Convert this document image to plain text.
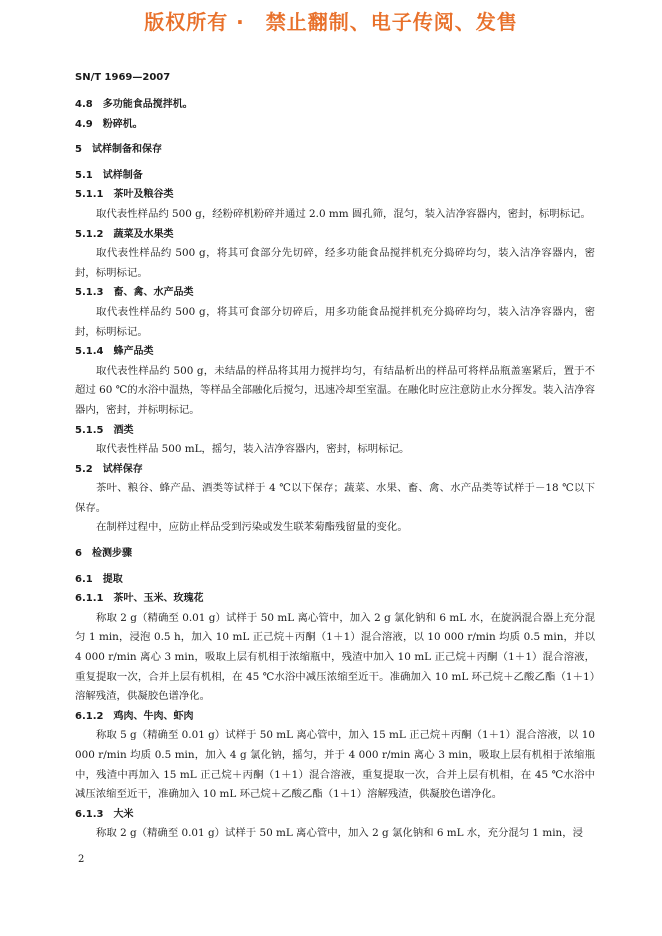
版权所有 ·　禁止翻制、电子传阅、发售
SN/T 1969—2007
4.8　多功能食品搅拌机。
4.9　粉碎机。
5　试样制备和保存
5.1　试样制备
5.1.1　茶叶及粮谷类
取代表性样品约 500 g，经粉碎机粉碎并通过 2.0 mm 圆孔筛，混匀，装入洁净容器内，密封，标明标记。
5.1.2　蔬菜及水果类
取代表性样品约 500 g，将其可食部分先切碎，经多功能食品搅拌机充分捣碎均匀，装入洁净容器内，密封，标明标记。
5.1.3　畜、禽、水产品类
取代表性样品约 500 g，将其可食部分切碎后，用多功能食品搅拌机充分捣碎均匀，装入洁净容器内，密封，标明标记。
5.1.4　蜂产品类
取代表性样品约 500 g，未结晶的样品将其用力搅拌均匀，有结晶析出的样品可将样品瓶盖塞紧后，置于不超过 60 ℃的水浴中温热，等样品全部融化后搅匀，迅速冷却至室温。在融化时应注意防止水分挥发。装入洁净容器内，密封，并标明标记。
5.1.5　酒类
取代表性样品 500 mL，摇匀，装入洁净容器内，密封，标明标记。
5.2　试样保存
茶叶、粮谷、蜂产品、酒类等试样于 4 ℃以下保存；蔬菜、水果、畜、禽、水产品类等试样于－18 ℃以下保存。
在制样过程中，应防止样品受到污染或发生联苯菊酯残留量的变化。
6　检测步骤
6.1　提取
6.1.1　茶叶、玉米、玫瑰花
称取 2 g（精确至 0.01 g）试样于 50 mL 离心管中，加入 2 g 氯化钠和 6 mL 水，在旋涡混合器上充分混匀 1 min，浸泡 0.5 h，加入 10 mL 正己烷＋丙酮（1＋1）混合溶液，以 10 000 r/min 均质 0.5 min，并以 4 000 r/min 离心 3 min，吸取上层有机相于浓缩瓶中，残渣中加入 10 mL 正己烷＋丙酮（1＋1）混合溶液，重复提取一次，合并上层有机相，在 45 ℃水浴中减压浓缩至近干。准确加入 10 mL 环己烷＋乙酸乙酯（1＋1）溶解残渣，供凝胶色谱净化。
6.1.2　鸡肉、牛肉、虾肉
称取 5 g（精确至 0.01 g）试样于 50 mL 离心管中，加入 15 mL 正己烷＋丙酮（1＋1）混合溶液，以 10 000 r/min 均质 0.5 min，加入 4 g 氯化钠，摇匀，并于 4 000 r/min 离心 3 min，吸取上层有机相于浓缩瓶中，残渣中再加入 15 mL 正己烷＋丙酮（1＋1）混合溶液，重复提取一次，合并上层有机相，在 45 ℃水浴中减压浓缩至近干，准确加入 10 mL 环己烷＋乙酸乙酯（1＋1）溶解残渣，供凝胶色谱净化。
6.1.3　大米
称取 2 g（精确至 0.01 g）试样于 50 mL 离心管中，加入 2 g 氯化钠和 6 mL 水，充分混匀 1 min，浸
2
